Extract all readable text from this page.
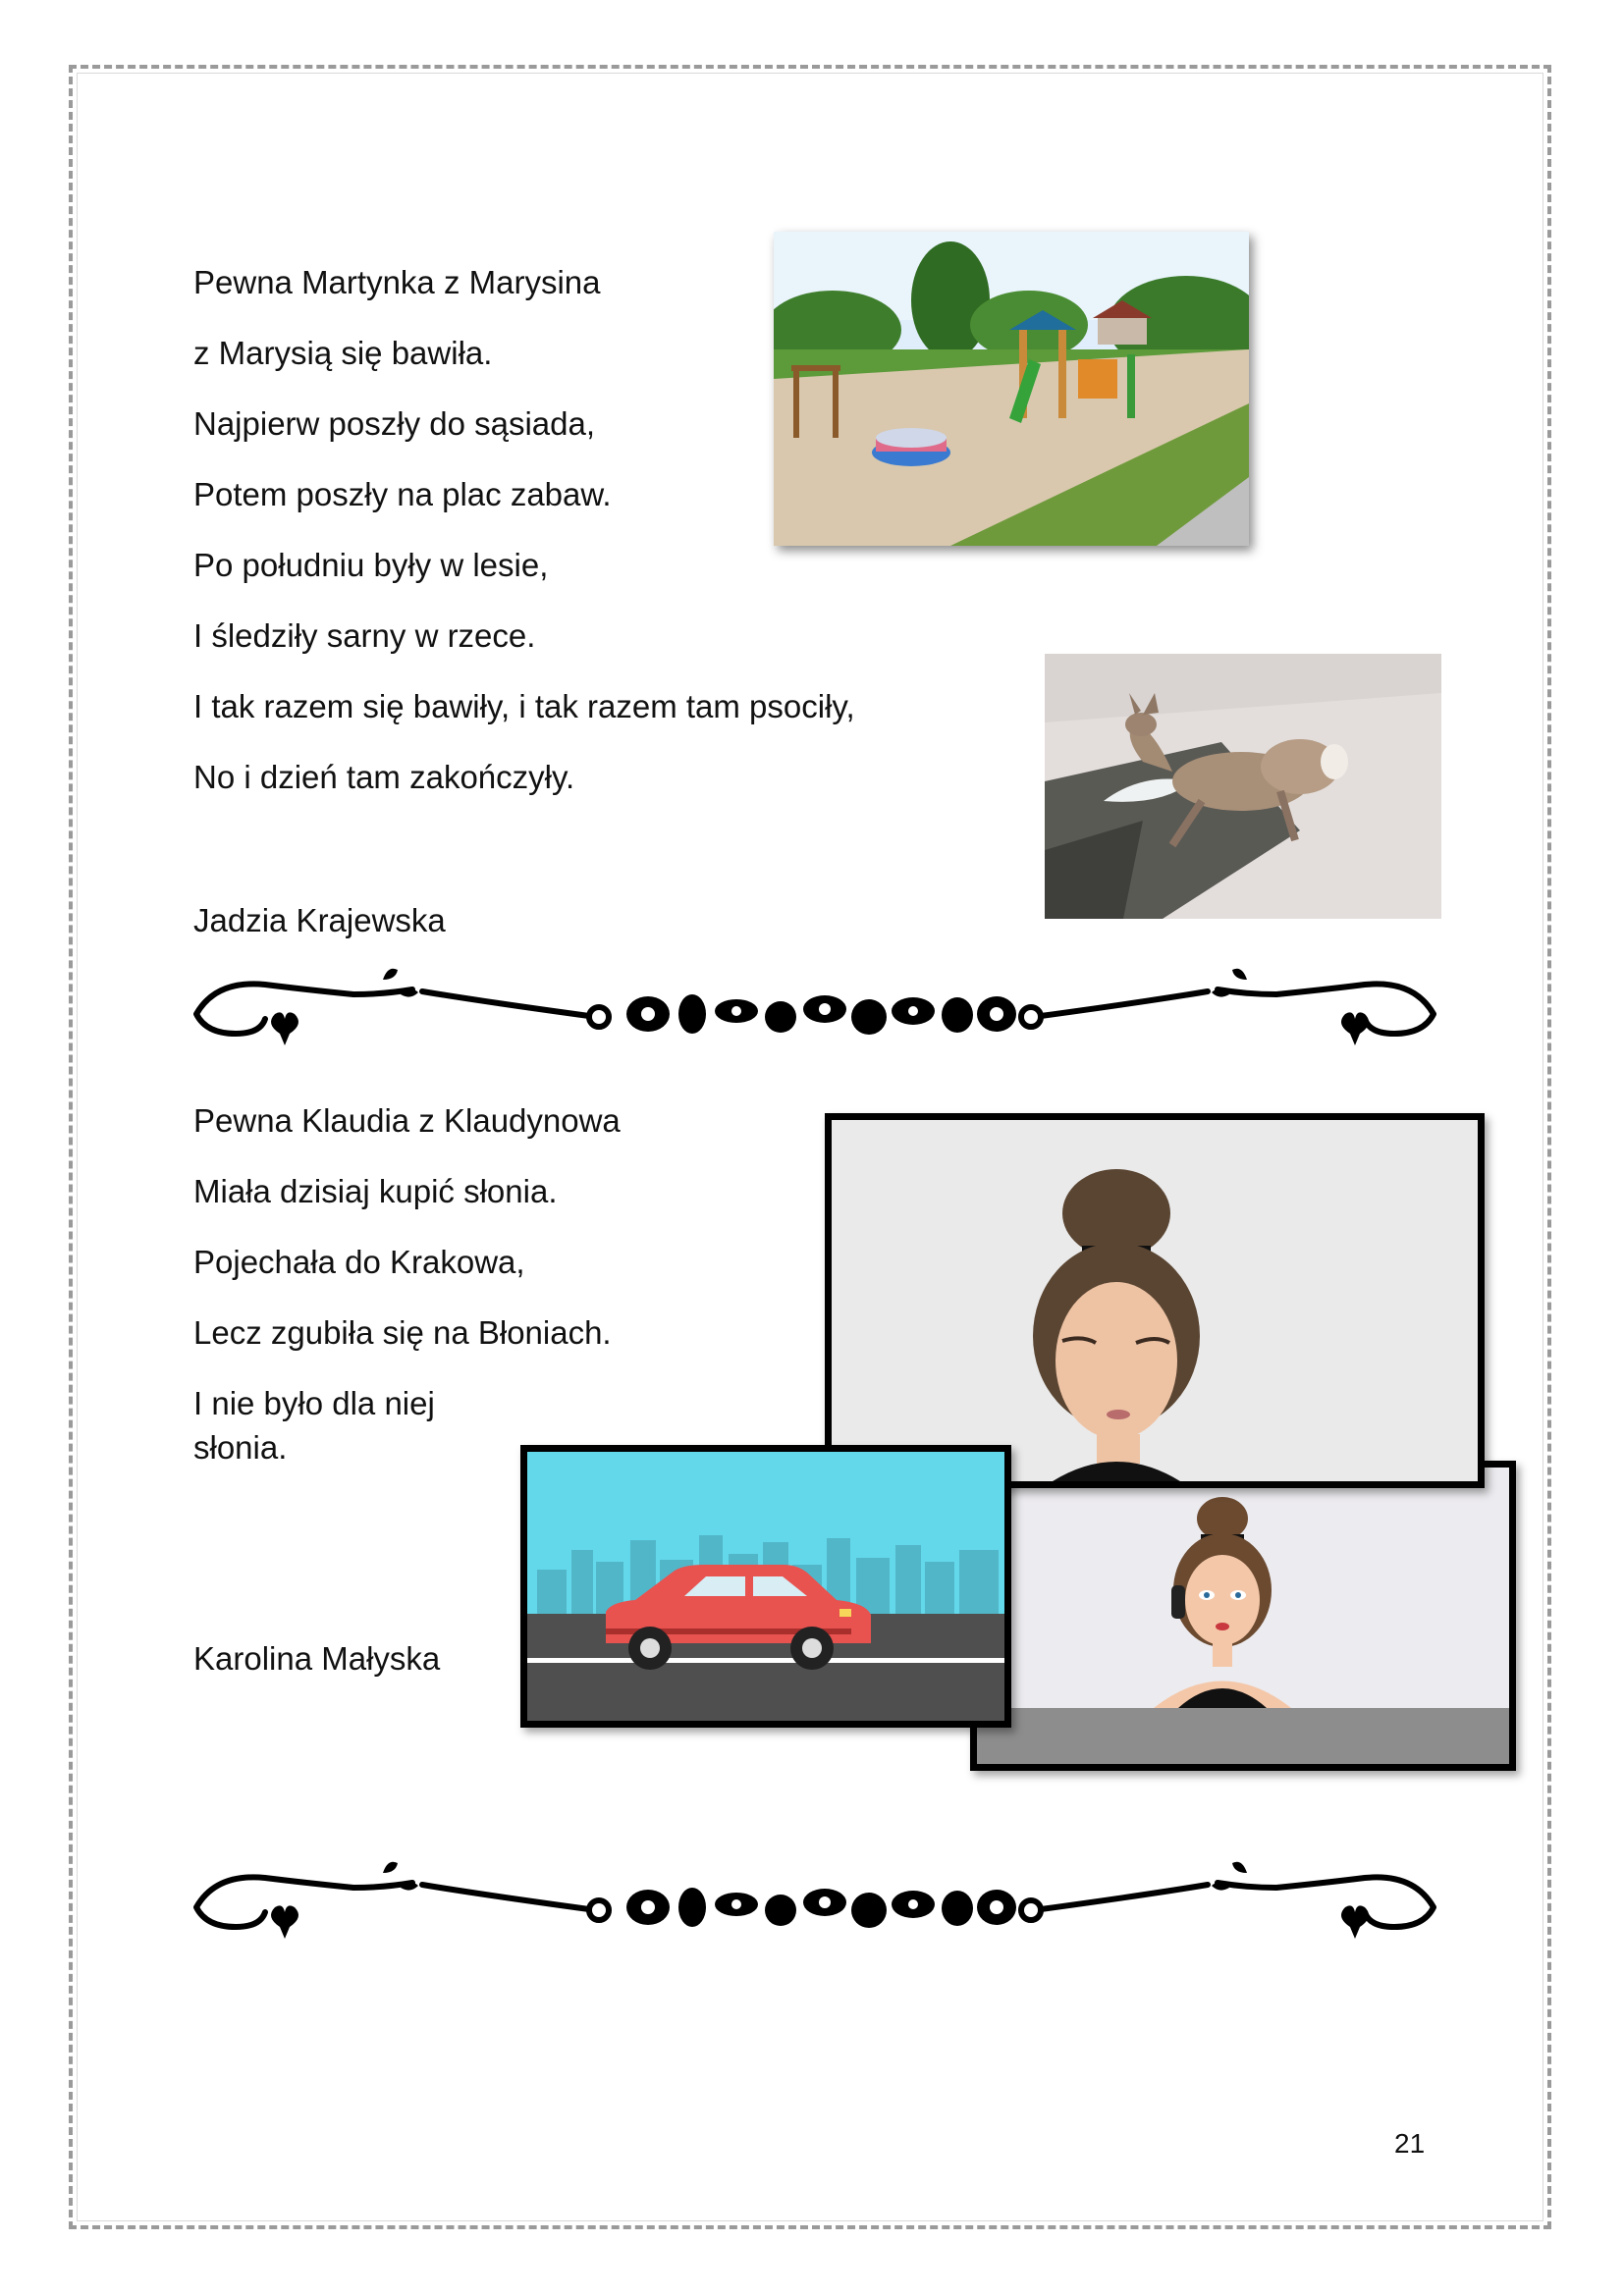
Pewna Martynka z Marysina
z Marysią się bawiła.
Najpierw poszły do sąsiada,
Potem poszły na plac zabaw.
Po południu były w lesie,
I śledziły sarny w rzece.
I tak razem się bawiły, i tak razem tam psociły,
No i dzień tam zakończyły.
Jadzia Krajewska
Pewna Klaudia z Klaudynowa
Miała dzisiaj kupić słonia.
Pojechała do Krakowa,
Lecz zgubiła się na Błoniach.
I nie było dla niej
słonia.
Karolina Małyska
21
